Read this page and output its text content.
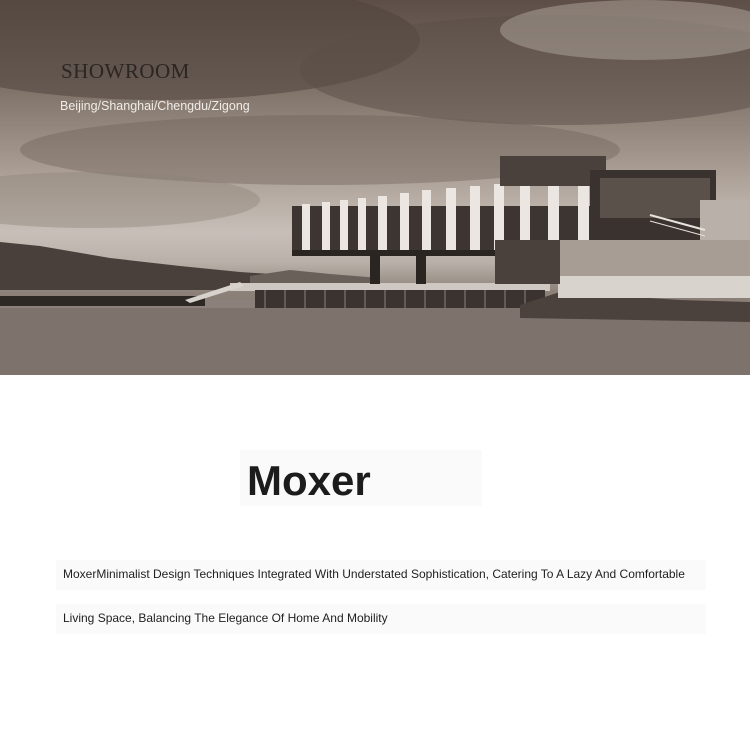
SHOWROOM

Beijing/Shanghai/Chengdu/Zigong

Moxer

MoxerMinimalist Design Techniques Integrated With Understated Sophistication, Catering To A Lazy And Comfortable

Living Space, Balancing The Elegance Of Home And Mobility
